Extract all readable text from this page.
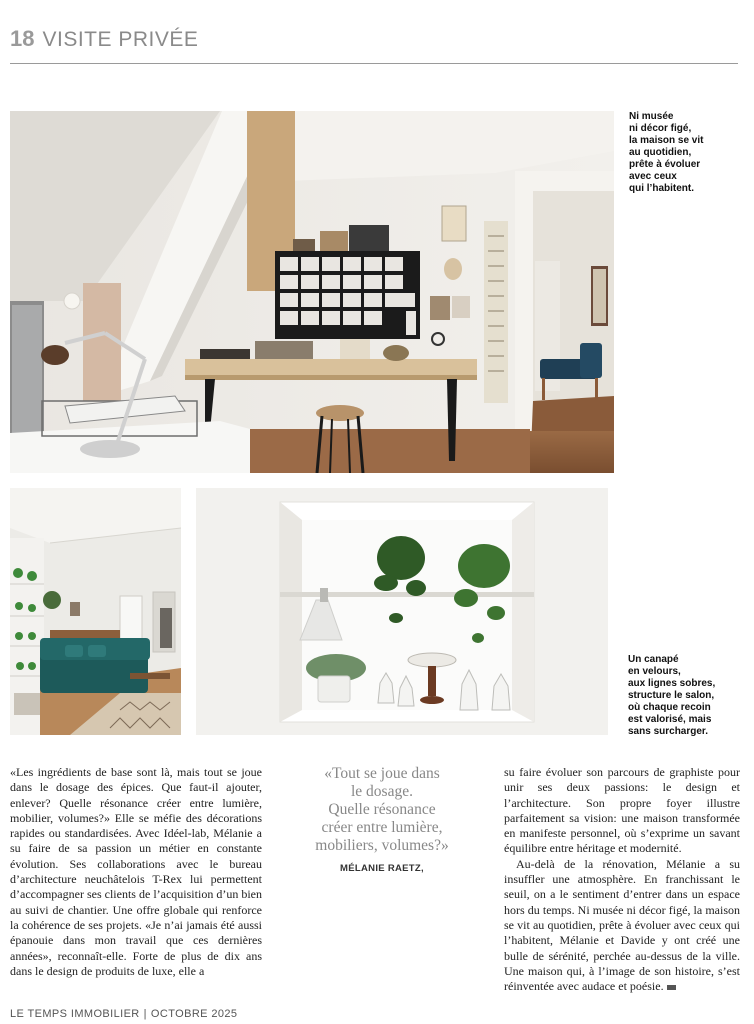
18 VISITE PRIVÉE
Ni musée
ni décor figé,
la maison se vit
au quotidien,
prête à évoluer
avec ceux
qui l’habitent.
Un canapé
en velours,
aux lignes sobres,
structure le salon,
où chaque recoin
est valorisé, mais
sans surcharger.

«Les ingrédients de base sont là, mais tout se joue dans le dosage des épices. Que faut-il ajouter, enlever? Quelle résonance créer entre lumière, mobilier, volumes?» Elle se méfie des décorations rapides ou standardisées. Avec Idéel-lab, Mélanie a su faire de sa passion un métier en constante évolution. Ses collaborations avec le bureau d’architecture neuchâtelois T-Rex lui permettent d’accompagner ses clients de l’acquisition d’un bien au suivi de chantier. Une offre globale qui renforce la cohérence de ses projets. «Je n’ai jamais été aussi épanouie dans mon travail que ces dernières années», reconnaît-elle. Forte de plus de dix ans dans le design de produits de luxe, elle a

«Tout se joue dans
le dosage.
Quelle résonance
créer entre lumière,
mobiliers, volumes?»
MÉLANIE RAETZ,

su faire évoluer son parcours de graphiste pour unir ses deux passions: le design et l’architecture. Son propre foyer illustre parfaitement sa vision: une maison transformée en manifeste personnel, où s’exprime un savant équilibre entre héritage et modernité.

Au-delà de la rénovation, Mélanie a su insuffler une atmosphère. En franchissant le seuil, on a le sentiment d’entrer dans un espace hors du temps. Ni musée ni décor figé, la maison se vit au quotidien, prête à évoluer avec ceux qui l’habitent, Mélanie et Davide y ont créé une bulle de sérénité, perchée au-dessus de la ville. Une maison qui, à l’image de son histoire, s’est réinventée avec audace et poésie.

LE TEMPS IMMOBILIER | OCTOBRE 2025
